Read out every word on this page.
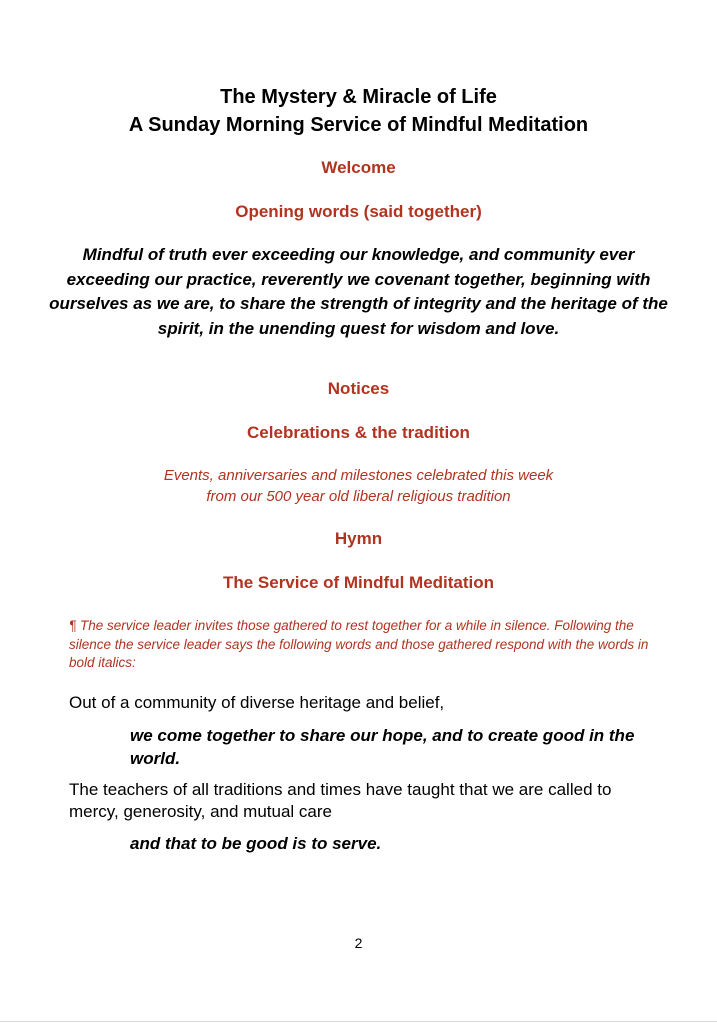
The Mystery & Miracle of Life
A Sunday Morning Service of Mindful Meditation
Welcome
Opening words (said together)
Mindful of truth ever exceeding our knowledge, and community ever exceeding our practice, reverently we covenant together, beginning with ourselves as we are, to share the strength of integrity and the heritage of the spirit, in the unending quest for wisdom and love.
Notices
Celebrations & the tradition
Events, anniversaries and milestones celebrated this week
from our 500 year old liberal religious tradition
Hymn
The Service of Mindful Meditation
¶ The service leader invites those gathered to rest together for a while in silence. Following the silence the service leader says the following words and those gathered respond with the words in bold italics:
Out of a community of diverse heritage and belief,
we come together to share our hope, and to create good in the world.
The teachers of all traditions and times have taught that we are called to mercy, generosity, and mutual care
and that to be good is to serve.
2
